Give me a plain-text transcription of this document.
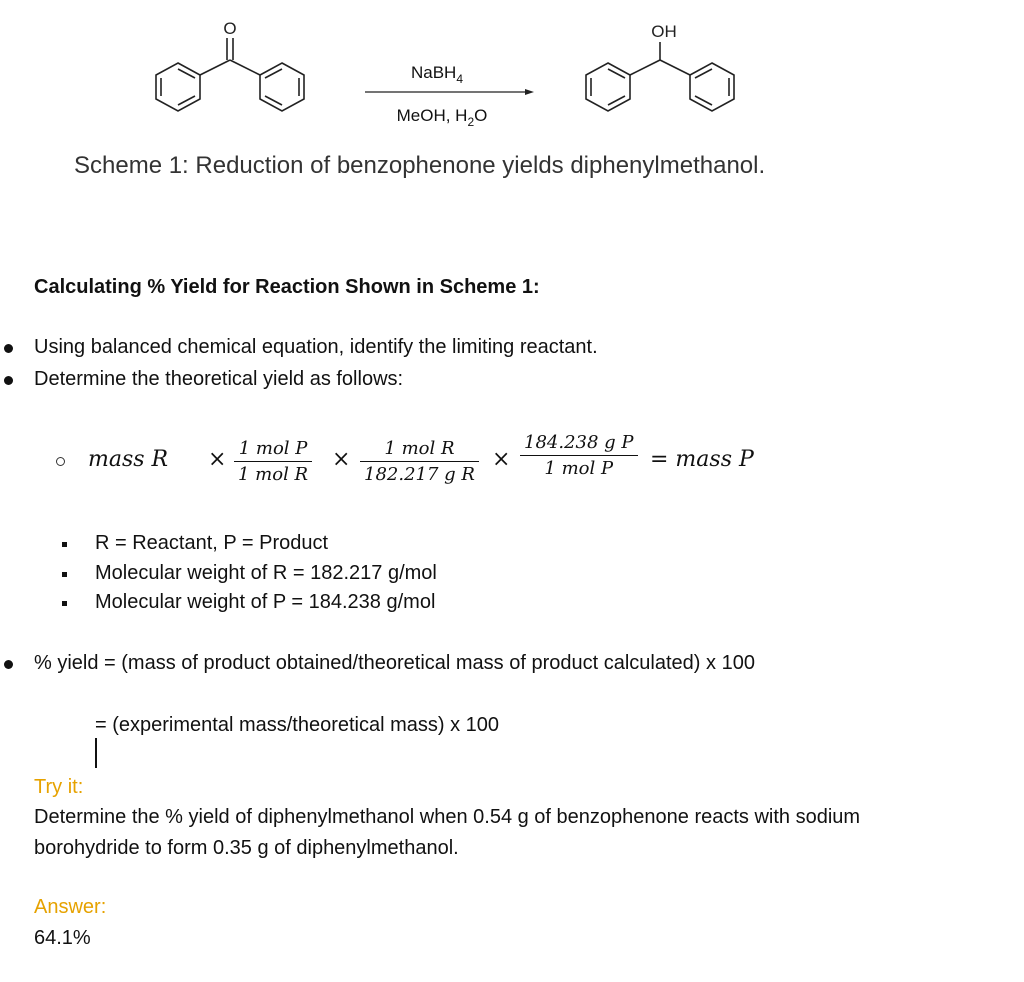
O
NaBH$_4$
MeOH, $H_2O$
OH
Scheme 1: Reduction of benzophenone yields diphenylmethanol.
Calculating % Yield for Reaction Shown in Scheme 1:
Using balanced chemical equation, identify the limiting reactant.
Determine the theoretical yield as follows:
mass R × 1 mol P
1 mol R
×	1 mol R
182.217 g R
×
184.238 g P
1 mol P	= mass P
R = Reactant, P = Product
Molecular weight of R = 182.217 g/mol
Molecular weight of P = 184.238 g/mol
% yield = (mass of product obtained/theoretical mass of product calculated) x 100
= (experimental mass/theoretical mass) x 100
Try it:
Determine the % yield of diphenylmethanol when 0.54 g of benzophenone reacts with sodium
borohydride to form 0.35 g of diphenylmethanol.
Answer:
64.1%
